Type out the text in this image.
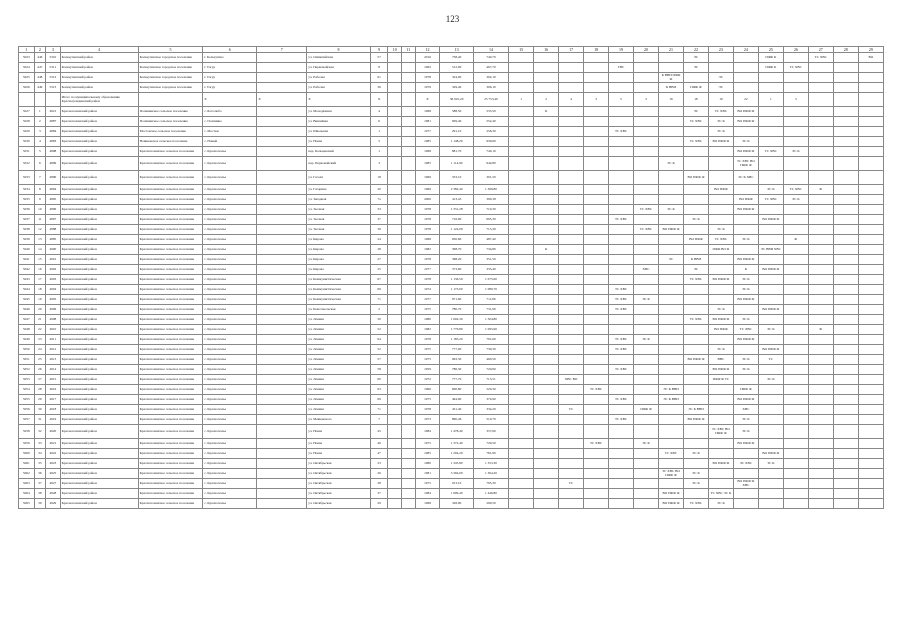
123
1	2	3	4	5	6	7	8	9	10	11	12	13	14	15	16	17	18	19	20	21	22	23	24	25	26	27	28	29
5023	446	5310	Кольчугинский район	Кольчугинское городское поселение	г. Кольчугино		ул. Олимпийская	57			2016	758,40	740,70								ЭС			ПФФ К		ТС ХВС		ВО
5024	447	5311	Кольчугинский район	Кольчугинское городское поселение	г. Тогур		ул. Первомайская	8			1962	512,00	467,70					ГВС			ЭС			ПФФ К	ТС ХВС			
5025	448	5312	Кольчугинский район	Кольчугинское городское поселение	г. Тогур		ул. Рабочая	61			1978	324,00	302,10							К ВВИ ПФФ Ф		ЭС						
5026	449	5313	Кольчугинский район	Кольчугинское городское поселение	г. Тогур		ул. Рабочая	36			1979	329,40	306,10							К ВВИ	ПФФ Ф	ЭС						
			Итого по муниципальному образованию Краснограндинский район		Х	Х	Х	Х			Х	36 910,20	25 753,40	1	2	4	3	5	3	16	18	19	22	1	3			
5027	1	4921	Краснополянский район	Полянинское сельское поселение	с. Боголюбо		ул. Молодёжная	4			1968	588,50	535,50		К						ЭС	ТС ХВС	ВО ПФФ Ф					
5028	2	4887	Краснополянский район	Полянинское сельское поселение	с. Полянино		ул. Вишнёвая	6			1981	609,40	552,40								ТС ХВС	ЭС К	ВО ПФФ Ф					
5029	3	4884	Краснополянский район	Мостовское сельское поселение	с. Мостки		ул. Школьная	1			1977	291,10	256,30					ТС ХВС				ЭС К						
5030	4	4883	Краснополянский район	Новиковское сельское поселение	с. Новый		ул. Новая	5			1985	1 148,20	939,60								ТС ХВС	ВО ПФФ Ф	ЭС К					
5031	5	4898	Краснополянский район	Краснополянское сельское поселение	с. Краснополье		пер. Кольцевский	1			1968	881,70	740,10										ВО ПФФ Ф	ТС ХВС	ЭС К			
5032	6	4899	Краснополянский район	Краснополянское сельское поселение	с. Краснополье		пер. Первомайский	3			1985	1 114,90	944,80							ЭС К			ТС ХВС ВО ПФФ Ф					
5033	7	4890	Краснополянский район	Краснополянское сельское поселение	с. Краснополье		ул. Гоголя	18			1969	333,10	301,50								ВО ПФФ Ф		ЭС К ХВС					
5034	8	4894	Краснополянский район	Краснополянское сельское поселение	с. Краснополье		ул. Гагарина	20			1969	2 382,40	1 399,80									ВО ПФФ		ЭС К	ТС ХВС	Ф		
5035	9	4895	Краснополянский район	Краснополянское сельское поселение	с. Краснополье		ул. Западная	7а			2006	413,43	390,38										ВО ПФФ	ТС ХВС	ЭС К			
5036	10	4896	Краснополянский район	Краснополянское сельское поселение	с. Краснополье		ул. Заозная	33			1978	1 331,28	719,30						ТС ХВС	ЭС К			ВО ПФФ Ф					
5037	11	4897	Краснополянский район	Краснополянское сельское поселение	с. Краснополье		ул. Заозная	37			1978	716,90	695,30					ТС ХВС			ЭС К			ВО ПФФ Ф				
5038	12	4888	Краснополянский район	Краснополянское сельское поселение	с. Краснополье		ул. Заозная	39			1978	1 124,09	713,30						ТС ХВС	ВО ПФФ Ф		ЭС К						
5039	13	4885	Краснополянский район	Краснополянское сельское поселение	с. Краснополье		ул. Кирова	24			1968	650,60	487,40								ВО ПФФ	ТС ХВС	ЭС К		Ф			
5040	14	4900	Краснополянский район	Краснополянское сельское поселение	с. Краснополье		ул. Кирова	28			1982	398,70	734,80		К							ПФФ ВО Ф		ЭС ВВИ ХВС				
5041	15	4901	Краснополянский район	Краснополянское сельское поселение	с. Краснополье		ул. Кирова	27			1978	368,20	351,50							ЭС	К ВВИ		ВО ПФФ Ф					
5042	16	4902	Краснополянский район	Краснополянское сельское поселение	с. Краснополье		ул. Кирова	25			1977	373,60	335,40						ХВС		ЭС		К	ВО ПФФ Ф				
5043	17	4903	Краснополянский район	Краснополянское сельское поселение	с. Краснополье		ул. Коммунистическая	67			1978	1 136,50	1 075,60								ТС ХВС	ВО ПФФ Ф	ЭС К					
5044	18	4904	Краснополянский район	Краснополянское сельское поселение	с. Краснополье		ул. Коммунистическая	69			1974	1 173,00	1 080,70					ТС ХВС					ЭС К					
5045	19	4905	Краснополянский район	Краснополянское сельское поселение	с. Краснополье		ул. Коммунистическая	71			1977	971,60	711,80					ТС ХВС	ЭС К				ВО ПФФ Ф					
5046	20	4906	Краснополянский район	Краснополянское сельское поселение	с. Краснополье		ул. Комсомольская	2			1975	780,70	731,90					ТС ХВС				ЭС К		ВО ПФФ Ф				
5047	21	4908	Краснополянский район	Краснополянское сельское поселение	с. Краснополье		ул. Ленина	50			1980	1 604,30	1 504,80								ТС ХВС	ВО ПФФ Ф	ЭС К					
5048	22	4910	Краснополянский район	Краснополянское сельское поселение	с. Краснополье		ул. Ленина	52			1982	1 776,80	1 095,60									ВО ПФФ	ТС ХВС	ЭС К		Ф		
5049	23	4911	Краснополянский район	Краснополянское сельское поселение	с. Краснополье		ул. Ленина	64			1978	1 185,20	791,60					ТС ХВС	ЭС К				ВО ПФФ Ф					
5050	24	4912	Краснополянский район	Краснополянское сельское поселение	с. Краснополье		ул. Ленина	52			1975	777,00	739,30					ТС ХВС				ЭС К		ВО ПФФ Ф				
5051	25	4913	Краснополянский район	Краснополянское сельское поселение	с. Краснополье		ул. Ленина	57			1975	963,30	460,50								ВО ПФФ Ф	ВВС	ЭС К	ТС				
5052	26	4914	Краснополянский район	Краснополянское сельское поселение	с. Краснополье		ул. Ленина	58			1959	786,30	720,90					ТС ХВС				ВО ПФФ Ф	ЭС К					
5053	27	4915	Краснополянский район	Краснополянское сельское поселение	с. Краснополье		ул. Ленина	60			1972	777,70	715,51			ХВС ВО						ПФФ Ф ТС		ЭС К				
5054	28	4916	Краснополянский район	Краснополянское сельское поселение	с. Краснополье		ул. Ленина	63			1966	600,80	520,30				ТС ХВС			ЭС К ВВИ			ПФФ Ф					
5055	29	4917	Краснополянский район	Краснополянское сельское поселение	с. Краснополье		ул. Ленина	69			1975	494,90	374,90					ТС ХВС		ЭС К ВВИ			ВО ПФФ Ф					
5056	30	4918	Краснополянский район	Краснополянское сельское поселение	с. Краснополье		ул. Ленина	71			1978	431,40	334,20			ТС			ПФФ Ф		ЭС К ВВИ		ХВС					
5057	31	4919	Краснополянский район	Краснополянское сельское поселение	с. Краснополье		ул. Маяковского	7			1973	890,46	510,70					ТС ХВС			ВО ПФФ Ф		ЭС К					
5058	32	4920	Краснополянский район	Краснополянское сельское поселение	с. Краснополье		ул. Новая	45			1984	1 478,40	357,60									ТС ХВС ВО ПФФ Ф	ЭС К					
5059	33	4921	Краснополянский район	Краснополянское сельское поселение	с. Краснополье		ул. Новая	46			1975	1 372,40	729,50				ТС ХВС		ЭС К				ВО ПФФ Ф					
5060	34	4922	Краснополянский район	Краснополянское сельское поселение	с. Краснополье		ул. Новая	47			1985	1 204,20	781,90							ТС ХВС	ЭС К			ВО ПФФ Ф				
5061	35	4923	Краснополянский район	Краснополянское сельское поселение	с. Краснополье		ул. Октябрьская	23			1980	1 345,80	1 353,30									ВО ПФФ Ф	ЭС ХВС	ТС К				
5062	36	4925	Краснополянский район	Краснополянское сельское поселение	с. Краснополье		ул. Октябрьская	26			1981	3 394,00	1 364,20							ТС ХВС ВО ПФФ Ф	ЭС К							
5063	37	4927	Краснополянский район	Краснополянское сельское поселение	с. Краснополье		ул. Октябрьская	28			1975	913,10	795,30			ТС					ЭС К		ВО ПФФ Ф ХВС					
5064	38	4928	Краснополянский район	Краснополянское сельское поселение	с. Краснополье		ул. Октябрьская	37			1984	1 699,40	1 446,80							ВО ПФФ Ф		ТС ХВС ЭС К						
5065	39	4929	Краснополянский район	Краснополянское сельское поселение	с. Краснополье		ул. Октябрьская	29			1968	328,90	299,50							ВО ПФФ Ф	ТС ХВС	ЭС К						
